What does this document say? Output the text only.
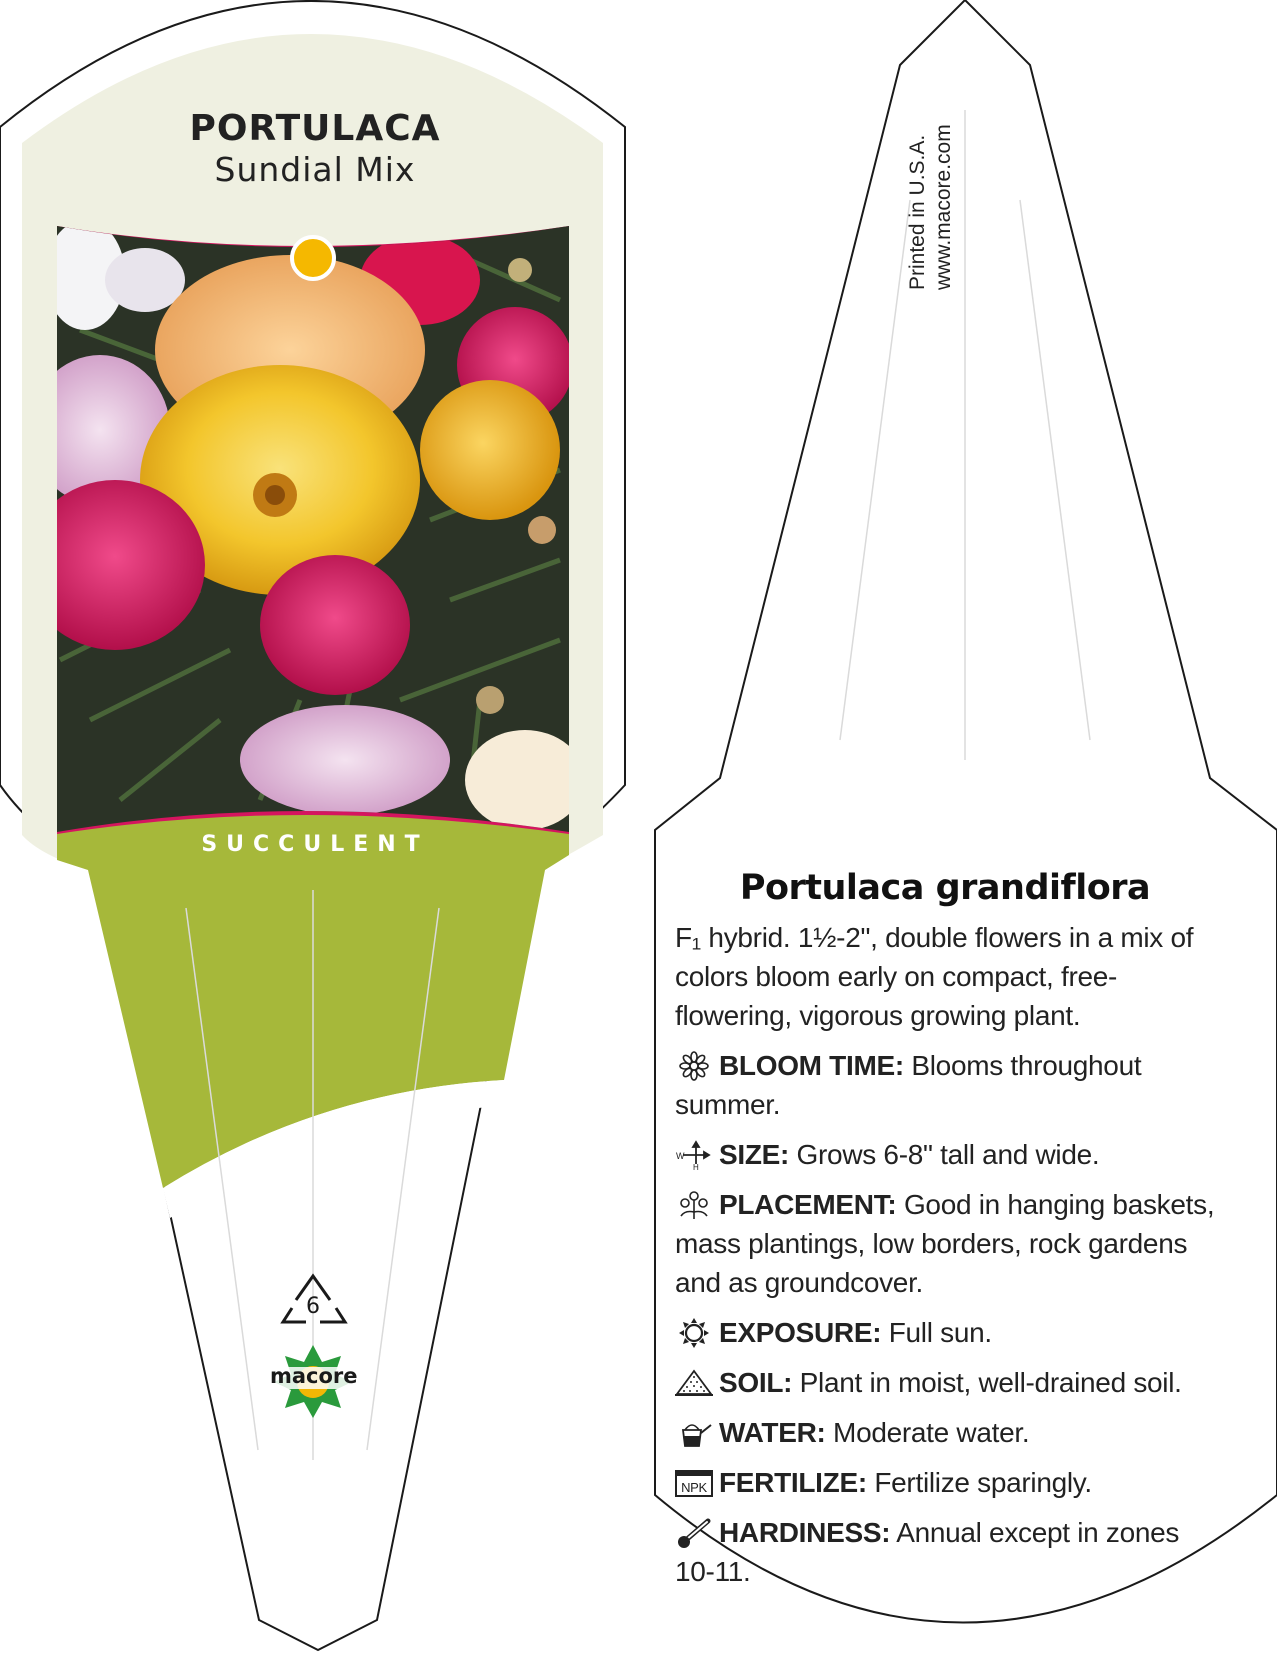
PORTULACA
Sundial Mix
SUCCULENT
6
macore
Printed in U.S.A. www.macore.com
Portulaca grandiflora
F₁ hybrid. 1½-2", double flowers in a mix of colors bloom early on compact, free-flowering, vigorous growing plant.
BLOOM TIME: Blooms throughout summer.
W
H SIZE: Grows 6-8" tall and wide.
PLACEMENT: Good in hanging baskets, mass plantings, low borders, rock gardens and as groundcover.
EXPOSURE: Full sun.
SOIL: Plant in moist, well-drained soil.
WATER: Moderate water.
NPK FERTILIZE: Fertilize sparingly.
HARDINESS: Annual except in zones 10-11.
